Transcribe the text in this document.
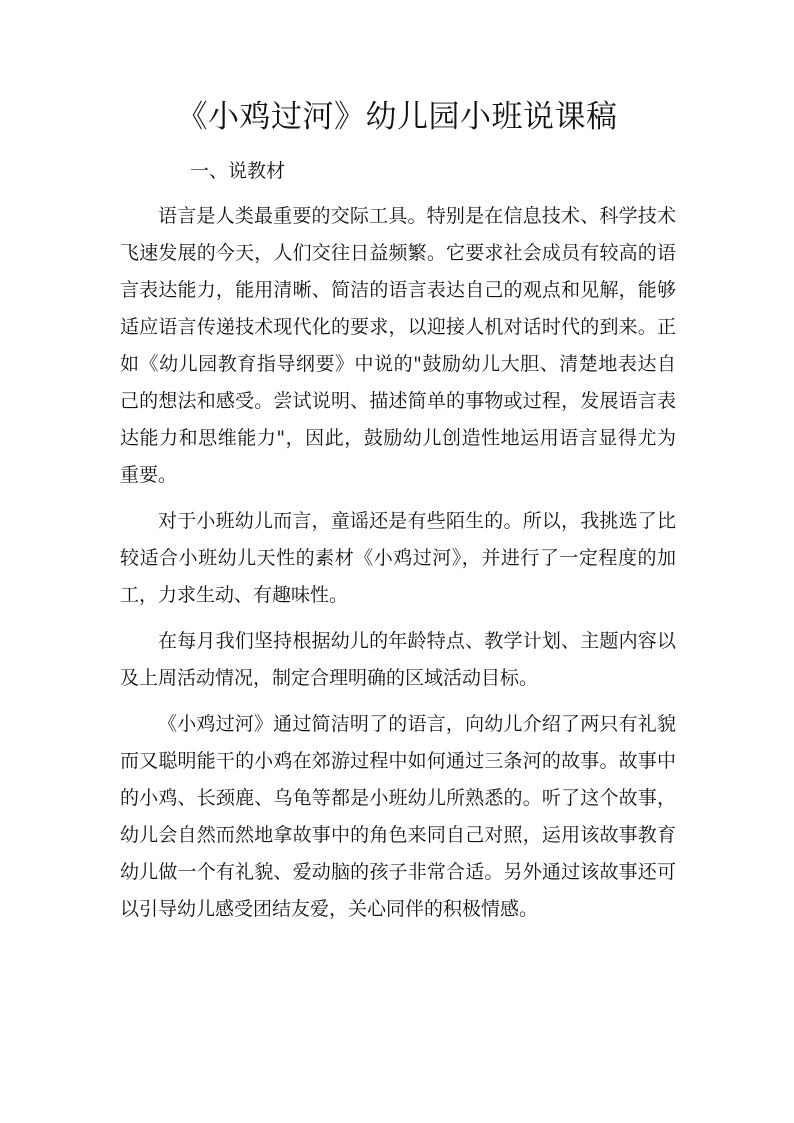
《小鸡过河》幼儿园小班说课稿
一、说教材

语言是人类最重要的交际工具。特别是在信息技术、科学技术飞速发展的今天，人们交往日益频繁。它要求社会成员有较高的语言表达能力，能用清晰、简洁的语言表达自己的观点和见解，能够适应语言传递技术现代化的要求，以迎接人机对话时代的到来。正如《幼儿园教育指导纲要》中说的"鼓励幼儿大胆、清楚地表达自己的想法和感受。尝试说明、描述简单的事物或过程，发展语言表达能力和思维能力"，因此，鼓励幼儿创造性地运用语言显得尤为重要。

对于小班幼儿而言，童谣还是有些陌生的。所以，我挑选了比较适合小班幼儿天性的素材《小鸡过河》，并进行了一定程度的加工，力求生动、有趣味性。

在每月我们坚持根据幼儿的年龄特点、教学计划、主题内容以及上周活动情况，制定合理明确的区域活动目标。

《小鸡过河》通过简洁明了的语言，向幼儿介绍了两只有礼貌而又聪明能干的小鸡在郊游过程中如何通过三条河的故事。故事中的小鸡、长颈鹿、乌龟等都是小班幼儿所熟悉的。听了这个故事，幼儿会自然而然地拿故事中的角色来同自己对照，运用该故事教育幼儿做一个有礼貌、爱动脑的孩子非常合适。另外通过该故事还可以引导幼儿感受团结友爱，关心同伴的积极情感。
